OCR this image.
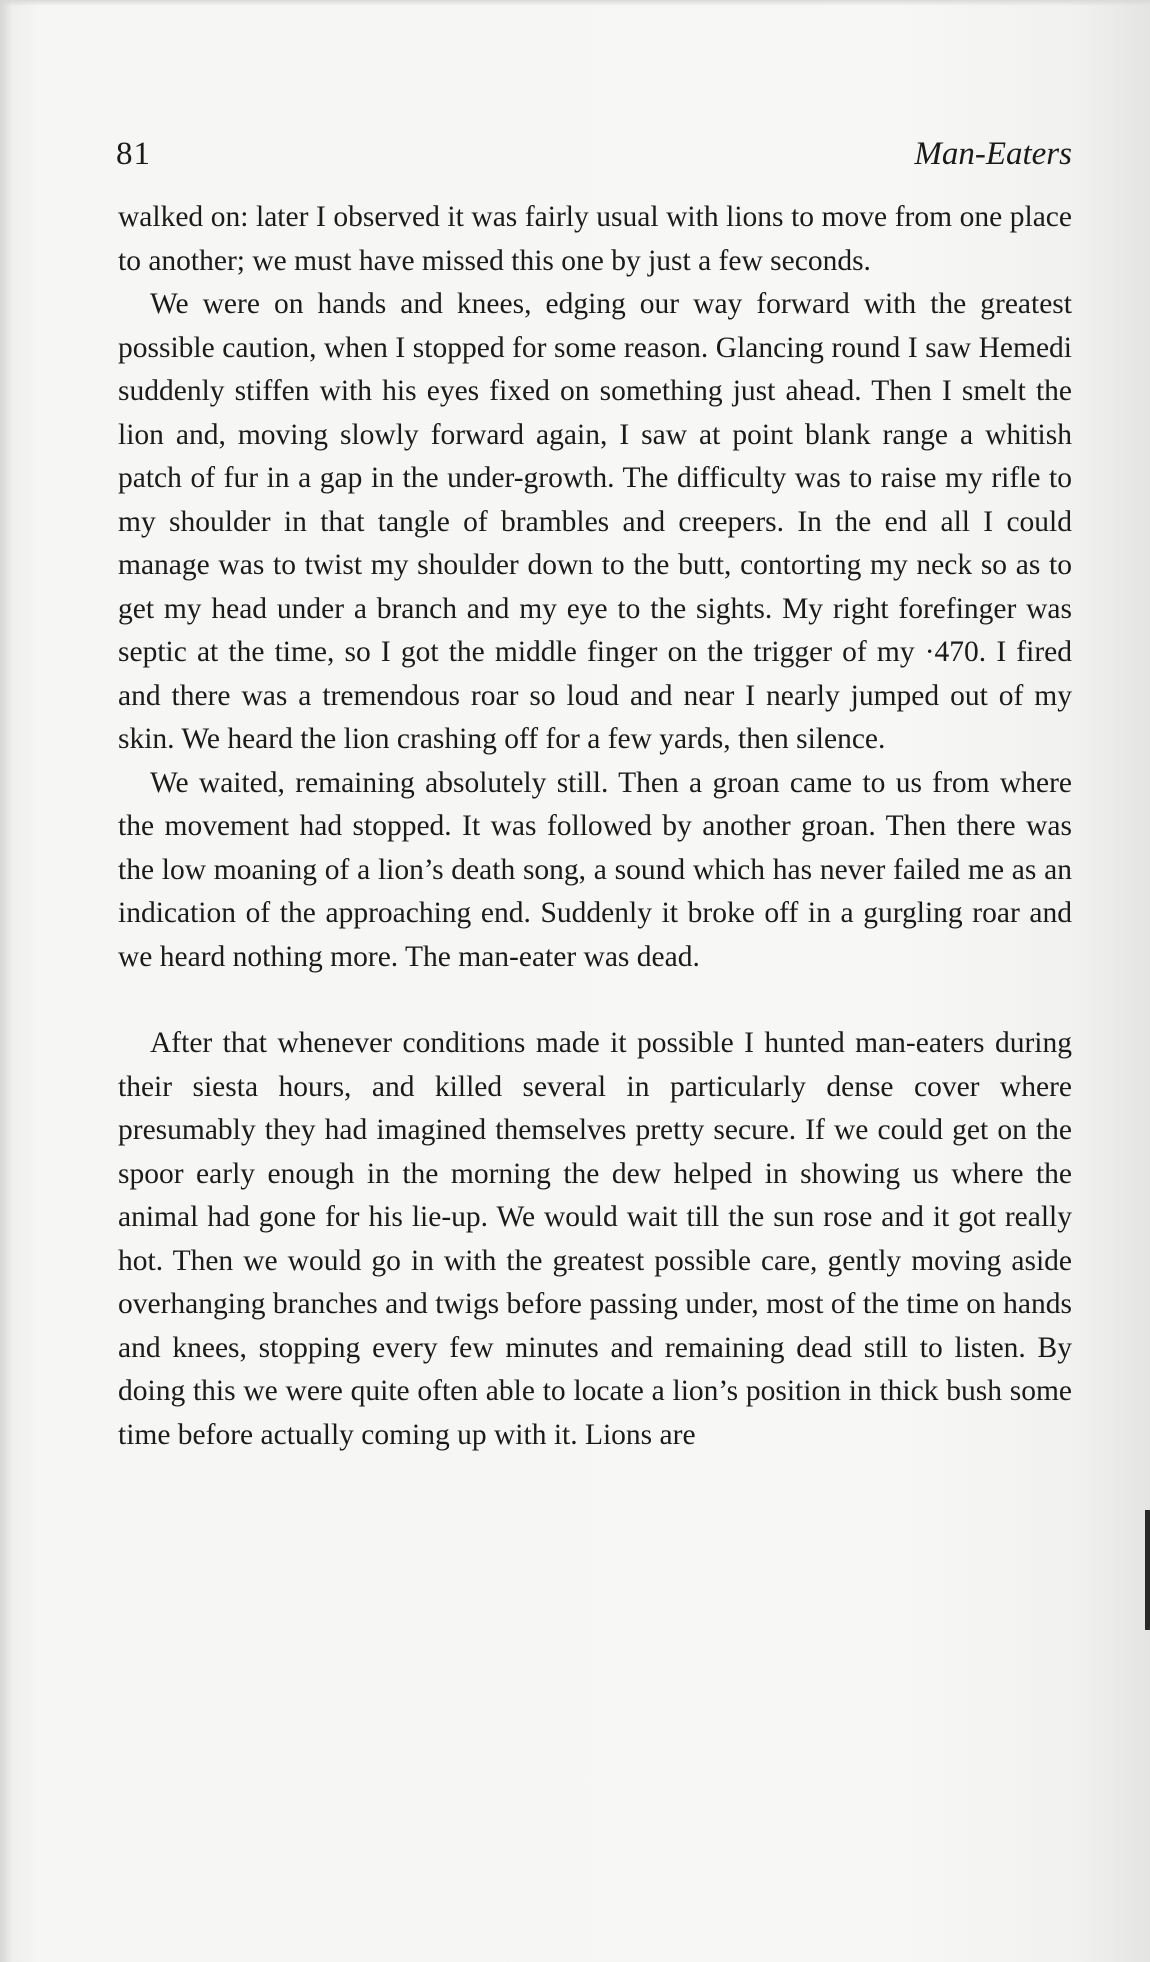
81	Man-Eaters

walked on: later I observed it was fairly usual with lions to move from one place to another; we must have missed this one by just a few seconds.

We were on hands and knees, edging our way forward with the greatest possible caution, when I stopped for some reason. Glancing round I saw Hemedi suddenly stiffen with his eyes fixed on something just ahead. Then I smelt the lion and, moving slowly forward again, I saw at point blank range a whitish patch of fur in a gap in the under-growth. The difficulty was to raise my rifle to my shoulder in that tangle of brambles and creepers. In the end all I could manage was to twist my shoulder down to the butt, contorting my neck so as to get my head under a branch and my eye to the sights. My right forefinger was septic at the time, so I got the middle finger on the trigger of my ·470. I fired and there was a tremendous roar so loud and near I nearly jumped out of my skin. We heard the lion crashing off for a few yards, then silence.

We waited, remaining absolutely still. Then a groan came to us from where the movement had stopped. It was followed by another groan. Then there was the low moaning of a lion’s death song, a sound which has never failed me as an indication of the approaching end. Suddenly it broke off in a gurgling roar and we heard nothing more. The man-eater was dead.

After that whenever conditions made it possible I hunted man-eaters during their siesta hours, and killed several in particularly dense cover where presumably they had imagined themselves pretty secure. If we could get on the spoor early enough in the morning the dew helped in showing us where the animal had gone for his lie-up. We would wait till the sun rose and it got really hot. Then we would go in with the greatest possible care, gently moving aside overhanging branches and twigs before passing under, most of the time on hands and knees, stopping every few minutes and remaining dead still to listen. By doing this we were quite often able to locate a lion’s position in thick bush some time before actually coming up with it. Lions are
